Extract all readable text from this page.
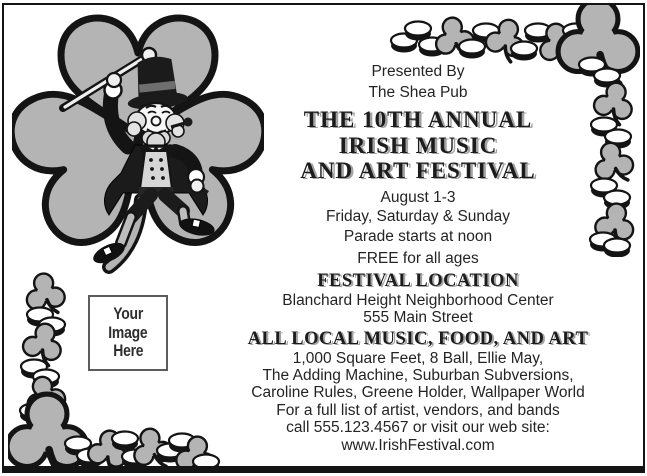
Your
Image
Here
Presented By
The Shea Pub
THE 10TH ANNUAL
IRISH MUSIC
AND ART FESTIVAL
August 1-3
Friday, Saturday & Sunday
Parade starts at noon
FREE for all ages
FESTIVAL LOCATION
Blanchard Height Neighborhood Center
555 Main Street
ALL LOCAL MUSIC, FOOD, AND ART
1,000 Square Feet, 8 Ball, Ellie May,
The Adding Machine, Suburban Subversions,
Caroline Rules, Greene Holder, Wallpaper World
For a full list of artist, vendors, and bands
call 555.123.4567 or visit our web site:
www.IrishFestival.com
